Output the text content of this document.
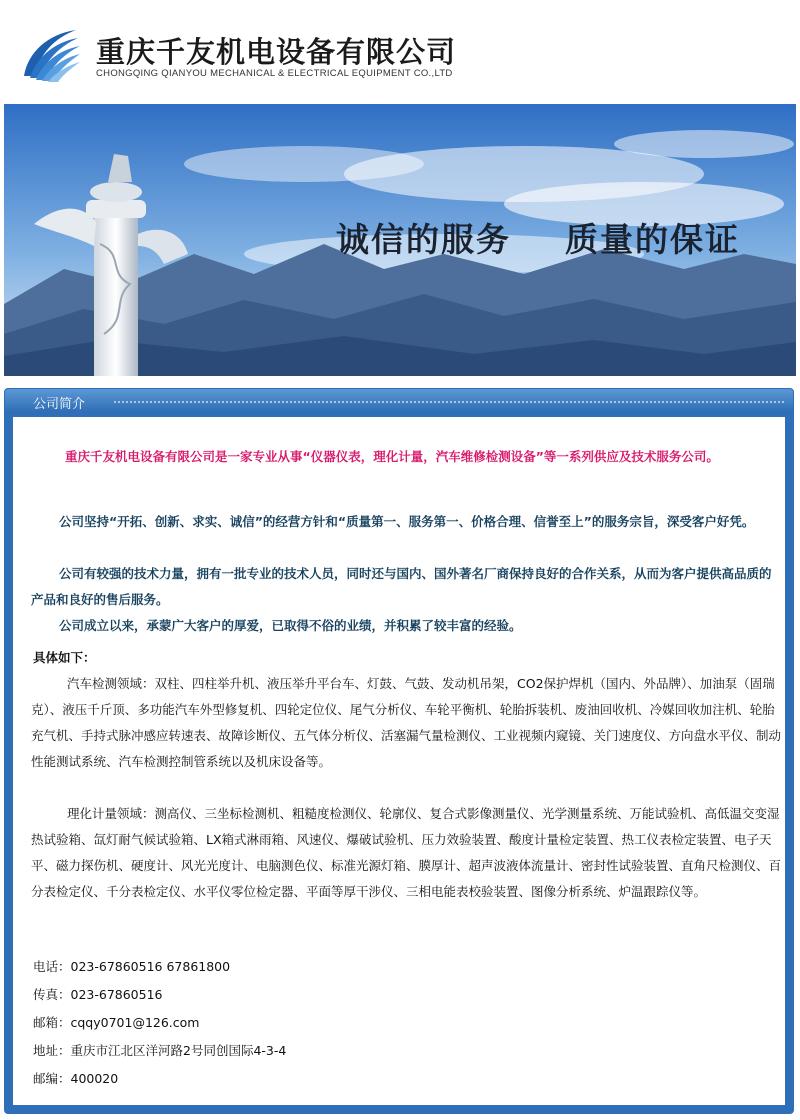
重庆千友机电设备有限公司
CHONGQING QIANYOU MECHANICAL & ELECTRICAL EQUIPMENT CO.,LTD
诚信的服务    质量的保证
公司简介
重庆千友机电设备有限公司是一家专业从事“仪器仪表，理化计量，汽车维修检测设备”等一系列供应及技术服务公司。
公司坚持“开拓、创新、求实、诚信”的经营方针和“质量第一、服务第一、价格合理、信誉至上”的服务宗旨，深受客户好凭。
公司有较强的技术力量，拥有一批专业的技术人员，同时还与国内、国外著名厂商保持良好的合作关系，从而为客户提供高品质的产品和良好的售后服务。
公司成立以来，承蒙广大客户的厚爱，已取得不俗的业绩，并积累了较丰富的经验。
具体如下：
汽车检测领域：双柱、四柱举升机、液压举升平台车、灯鼓、气鼓、发动机吊架，CO2保护焊机（国内、外品牌）、加油泵（固瑞克）、液压千斤顶、多功能汽车外型修复机、四轮定位仪、尾气分析仪、车轮平衡机、轮胎拆装机、废油回收机、冷媒回收加注机、轮胎充气机、手持式脉冲感应转速表、故障诊断仪、五气体分析仪、活塞漏气量检测仪、工业视频内窥镜、关门速度仪、方向盘水平仪、制动性能测试系统、汽车检测控制管系统以及机床设备等。
理化计量领域：测高仪、三坐标检测机、粗糙度检测仪、轮廓仪、复合式影像测量仪、光学测量系统、万能试验机、高低温交变湿热试验箱、氙灯耐气候试验箱、LX箱式淋雨箱、风速仪、爆破试验机、压力效验装置、酸度计量检定装置、热工仪表检定装置、电子天平、磁力探伤机、硬度计、风光光度计、电脑测色仪、标准光源灯箱、膜厚计、超声波液体流量计、密封性试验装置、直角尺检测仪、百分表检定仪、千分表检定仪、水平仪零位检定器、平面等厚干涉仪、三相电能表校验装置、图像分析系统、炉温跟踪仪等。
电话：023-67860516 67861800
传真：023-67860516
邮箱：cqqy0701@126.com
地址：重庆市江北区洋河路2号同创国际4-3-4
邮编：400020
